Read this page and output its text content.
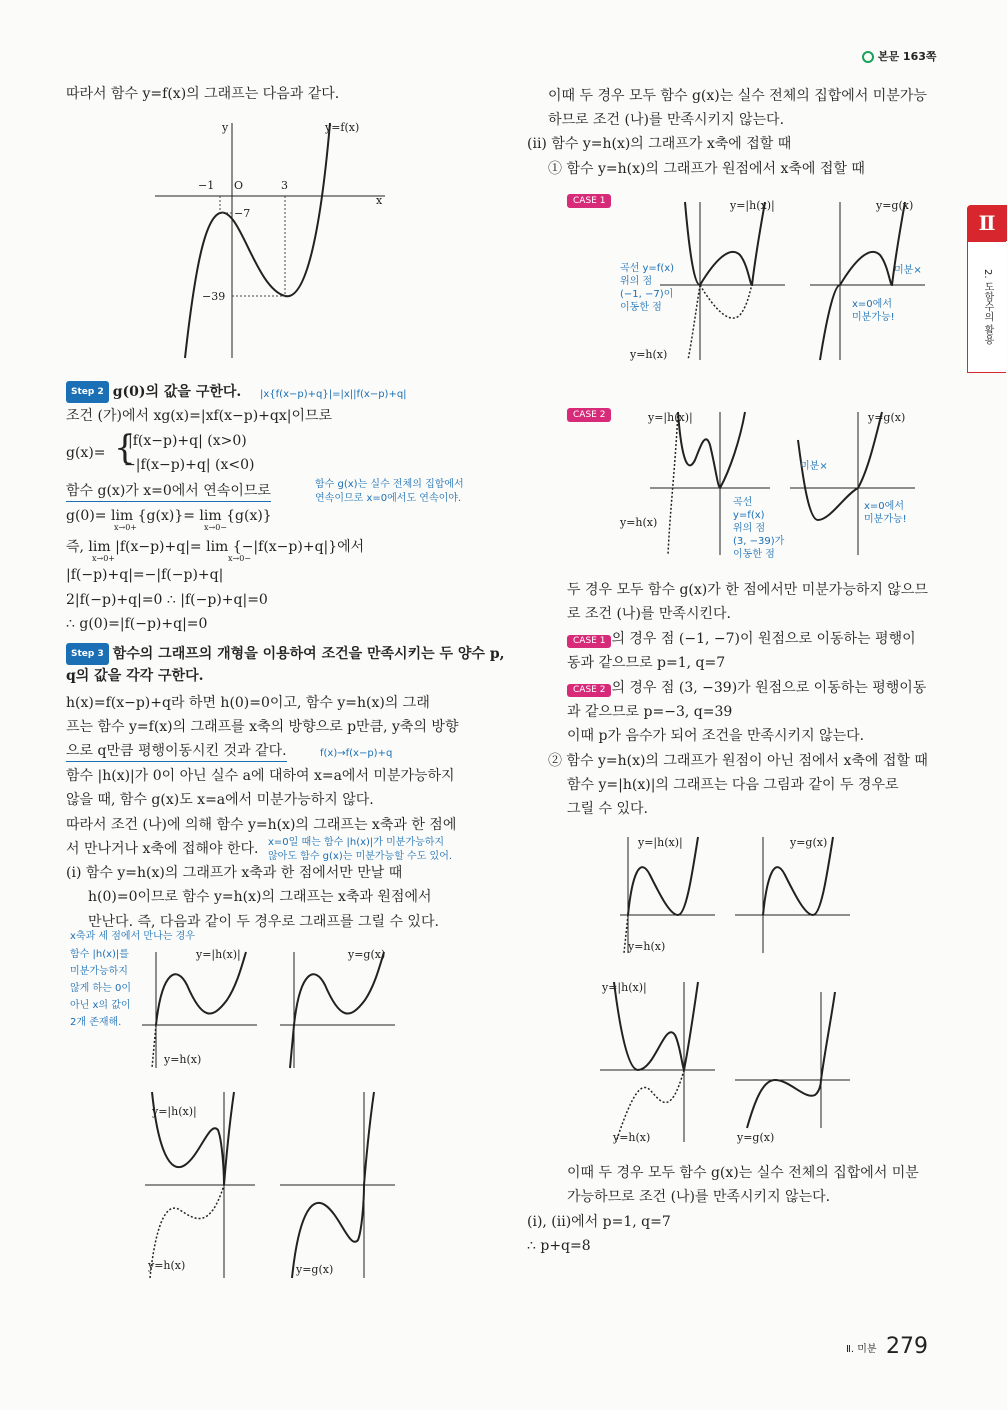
본문 163쪽
Ⅱ
2. 도함수의 활용
따라서 함수 y=f(x)의 그래프는 다음과 같다.
y=f(x)
y
x
O
−1	3
−7
−39
Step 2 g(0)의 값을 구한다. |x{f(x−p)+q}|=|x||f(x−p)+q|
조건 (가)에서 xg(x)=|xf(x−p)+qx|이므로
g(x)= {
|f(x−p)+q| (x>0)
−|f(x−p)+q| (x<0)
함수 g(x)가 x=0에서 연속이므로	함수 g(x)는 실수 전체의 집합에서
연속이므로 x=0에서도 연속이야.
g(0)= lim {g(x)}= lim {g(x)}
x→0+	x→0−
즉, lim |f(x−p)+q|= lim {−|f(x−p)+q|}에서
x→0+	x→0−
|f(−p)+q|=−|f(−p)+q|
2|f(−p)+q|=0 ∴ |f(−p)+q|=0
∴ g(0)=|f(−p)+q|=0
Step 3 함수의 그래프의 개형을 이용하여 조건을 만족시키는 두 양수 p,
q의 값을 각각 구한다.
h(x)=f(x−p)+q라 하면 h(0)=0이고, 함수 y=h(x)의 그래
프는 함수 y=f(x)의 그래프를 x축의 방향으로 p만큼, y축의 방향
으로 q만큼 평행이동시킨 것과 같다.	f(x)→f(x−p)+q
함수 |h(x)|가 0이 아닌 실수 a에 대하여 x=a에서 미분가능하지
않을 때, 함수 g(x)도 x=a에서 미분가능하지 않다.
따라서 조건 (나)에 의해 함수 y=h(x)의 그래프는 x축과 한 점에
서 만나거나 x축에 접해야 한다. x=0일 때는 함수 |h(x)|가 미분가능하지
않아도 함수 g(x)는 미분가능할 수도 있어.
(i) 함수 y=h(x)의 그래프가 x축과 한 점에서만 만날 때
h(0)=0이므로 함수 y=h(x)의 그래프는 x축과 원점에서
만난다. 즉, 다음과 같이 두 경우로 그래프를 그릴 수 있다.
x축과 세 점에서 만나는 경우
함수 |h(x)|를
미분가능하지
않게 하는 0이
아닌 x의 값이
2개 존재해.
y=|h(x)|
y=h(x)
y=g(x)
y=|h(x)|
y=h(x)	y=g(x)
이때 두 경우 모두 함수 g(x)는 실수 전체의 집합에서 미분가능
하므로 조건 (나)를 만족시키지 않는다.
(ii) 함수 y=h(x)의 그래프가 x축에 접할 때
① 함수 y=h(x)의 그래프가 원점에서 x축에 접할 때
CASE 1	y=|h(x)|
y=h(x)
곡선 y=f(x)
위의 점
(−1, −7)이
이동한 점
y=g(x)
미분×
x=0에서
미분가능!
CASE 2	y=|h(x)|
y=h(x)
곡선
y=f(x)
위의 점
(3, −39)가
이동한 점
y=g(x)
미분×
x=0에서
미분가능!
두 경우 모두 함수 g(x)가 한 점에서만 미분가능하지 않으므
로 조건 (나)를 만족시킨다.
CASE 1 의 경우 점 (−1, −7)이 원점으로 이동하는 평행이
동과 같으므로 p=1, q=7
CASE 2 의 경우 점 (3, −39)가 원점으로 이동하는 평행이동
과 같으므로 p=−3, q=39
이때 p가 음수가 되어 조건을 만족시키지 않는다.
② 함수 y=h(x)의 그래프가 원점이 아닌 점에서 x축에 접할 때
함수 y=|h(x)|의 그래프는 다음 그림과 같이 두 경우로
그릴 수 있다.
y=|h(x)|
y=h(x)
y=g(x)
y=|h(x)|
y=h(x)	y=g(x)
이때 두 경우 모두 함수 g(x)는 실수 전체의 집합에서 미분
가능하므로 조건 (나)를 만족시키지 않는다.
(i), (ii)에서 p=1, q=7
∴ p+q=8
Ⅱ. 미분 279
